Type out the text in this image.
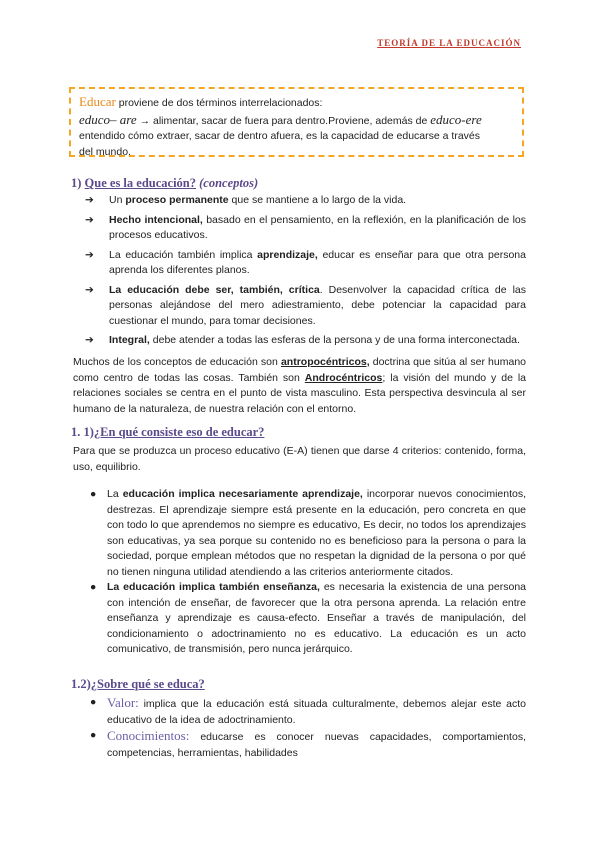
TEORÍA DE LA EDUCACIÓN
Educar proviene de dos términos interrelacionados:
educo– are → alimentar, sacar de fuera para dentro.Proviene, además de educo-ere
entendido cómo extraer, sacar de dentro afuera, es la capacidad de educarse a través
del mundo.
1) Que es la educación? (conceptos)
➔ Un proceso permanente que se mantiene a lo largo de la vida.
➔ Hecho intencional, basado en el pensamiento, en la reflexión, en la planificación de los procesos educativos.
➔ La educación también implica aprendizaje, educar es enseñar para que otra persona aprenda los diferentes planos.
➔ La educación debe ser, también, crítica. Desenvolver la capacidad crítica de las personas alejándose del mero adiestramiento, debe potenciar la capacidad para cuestionar el mundo, para tomar decisiones.
➔ Integral, debe atender a todas las esferas de la persona y de una forma interconectada.

Muchos de los conceptos de educación son antropocéntricos, doctrina que sitúa al ser humano como centro de todas las cosas. También son Androcéntricos; la visión del mundo y de la relaciones sociales se centra en el punto de vista masculino. Esta perspectiva desvincula al ser humano de la naturaleza, de nuestra relación con el entorno.

1. 1)¿En qué consiste eso de educar?

Para que se produzca un proceso educativo (E-A) tienen que darse 4 criterios: contenido, forma, uso, equilibrio.

● La educación implica necesariamente aprendizaje, incorporar nuevos conocimientos, destrezas. El aprendizaje siempre está presente en la educación, pero concreta en que con todo lo que aprendemos no siempre es educativo, Es decir, no todos los aprendizajes son educativas, ya sea porque su contenido no es beneficioso para la persona o para la sociedad, porque emplean métodos que no respetan la dignidad de la persona o por qué no tienen ninguna utilidad atendiendo a las criterios anteriormente citados.
● La educación implica también enseñanza, es necesaria la existencia de una persona con intención de enseñar, de favorecer que la otra persona aprenda. La relación entre enseñanza y aprendizaje es causa-efecto. Enseñar a través de manipulación, del condicionamiento o adoctrinamiento no es educativo. La educación es un acto comunicativo, de transmisión, pero nunca jerárquico.
1.2)¿Sobre qué se educa?
● Valor: implica que la educación está situada culturalmente, debemos alejar este acto educativo de la idea de adoctrinamiento.
● Conocimientos: educarse es conocer nuevas capacidades, comportamientos, competencias, herramientas, habilidades
